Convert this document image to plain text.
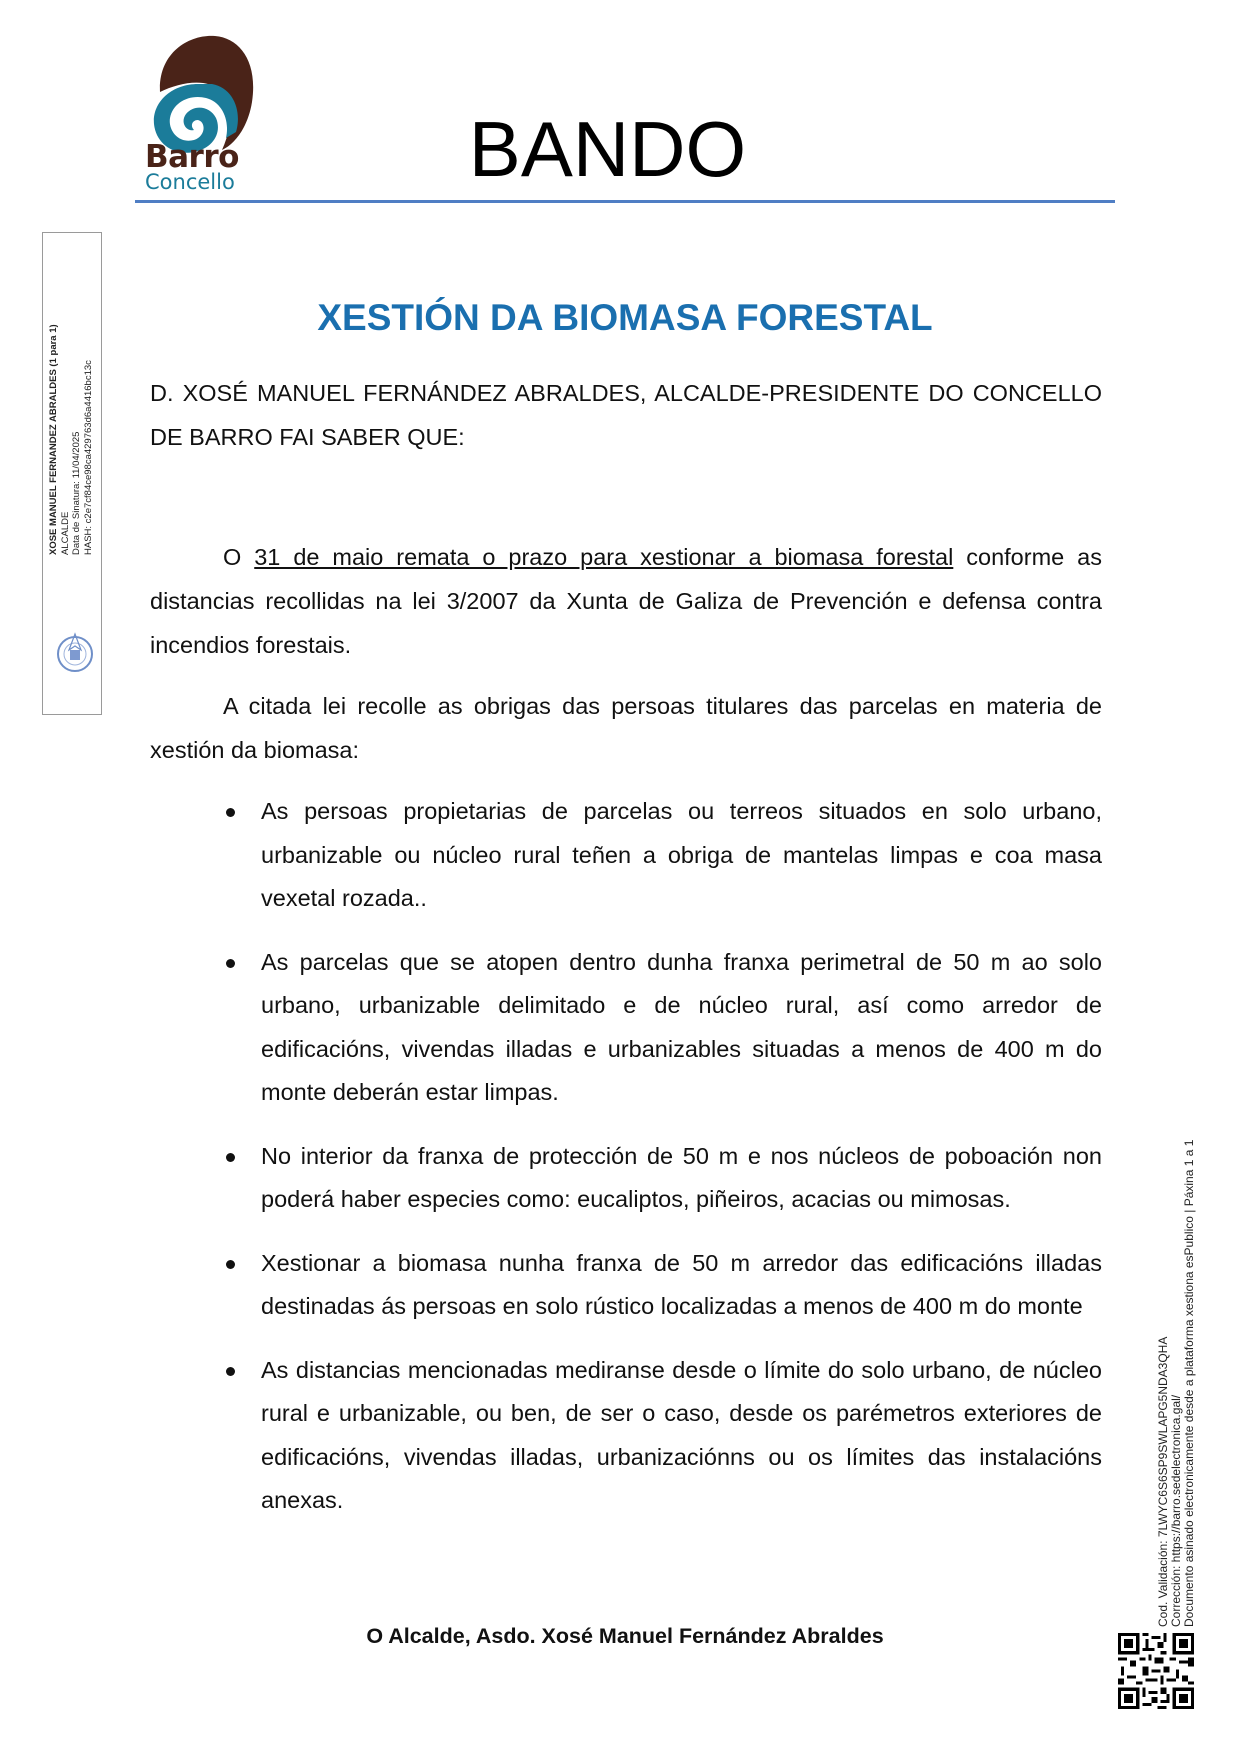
Barro
Concello	BANDO
XESTIÓN DA BIOMASA FORESTAL
D. XOSÉ MANUEL FERNÁNDEZ ABRALDES, ALCALDE-PRESIDENTE DO CONCELLO DE BARRO FAI SABER QUE:
O 31 de maio remata o prazo para xestionar a biomasa forestal conforme as distancias recollidas na lei 3/2007 da Xunta de Galiza de Prevención e defensa contra incendios forestais.
A citada lei recolle as obrigas das persoas titulares das parcelas en materia de xestión da biomasa:
As persoas propietarias de parcelas ou terreos situados en solo urbano, urbanizable ou núcleo rural teñen a obriga de mantelas limpas e coa masa vexetal rozada..
As parcelas que se atopen dentro dunha franxa perimetral de 50 m ao solo urbano, urbanizable delimitado e de núcleo rural, así como arredor de edificacións, vivendas illadas e urbanizables situadas a menos de 400 m do monte deberán estar limpas.
No interior da franxa de protección de 50 m e nos núcleos de poboación non poderá haber especies como: eucaliptos, piñeiros, acacias ou mimosas.
Xestionar a biomasa nunha franxa de 50 m arredor das edificacións illadas destinadas ás persoas en solo rústico localizadas a menos de 400 m do monte
As distancias mencionadas mediranse desde o límite do solo urbano, de núcleo rural e urbanizable, ou ben, de ser o caso, desde os parémetros exteriores de edificacións, vivendas illadas, urbanizaciónns ou os límites das instalacións anexas.
O Alcalde, Asdo. Xosé Manuel Fernández Abraldes
XOSE MANUEL FERNANDEZ ABRALDES (1 para 1) ALCALDE Data de Sinatura: 11/04/2025 HASH: c2e7cf84ce98ca429763d6a4416bc13c
Cod. Validación: 7LWYC6S6SP9SWLAPG5NDA3QHA Corrección: https://barro.sedelectronica.gal/ Documento asinado electronicamente desde a plataforma xestiona esPublico | Páxina 1 a 1
